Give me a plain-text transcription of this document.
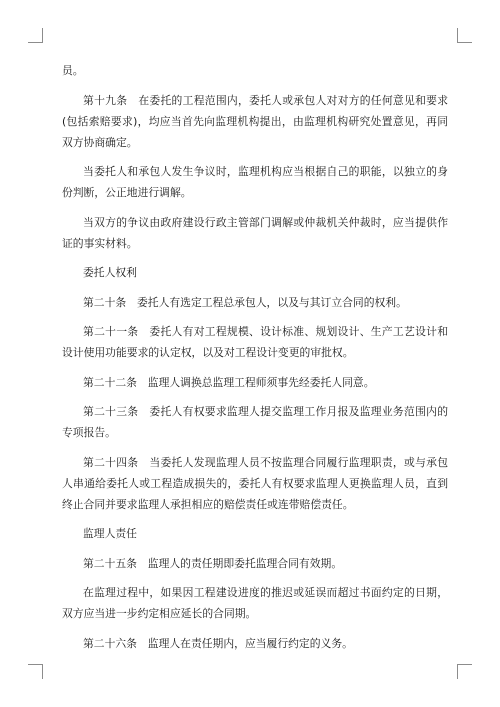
员。

第十九条　在委托的工程范围内，委托人或承包人对对方的任何意见和要求(包括索赔要求)，均应当首先向监理机构提出，由监理机构研究处置意见，再同双方协商确定。

当委托人和承包人发生争议时，监理机构应当根据自己的职能，以独立的身份判断，公正地进行调解。

当双方的争议由政府建设行政主管部门调解或仲裁机关仲裁时，应当提供作证的事实材料。

委托人权利

第二十条　委托人有选定工程总承包人，以及与其订立合同的权利。

第二十一条　委托人有对工程规模、设计标准、规划设计、生产工艺设计和设计使用功能要求的认定权，以及对工程设计变更的审批权。

第二十二条　监理人调换总监理工程师须事先经委托人同意。

第二十三条　委托人有权要求监理人提交监理工作月报及监理业务范围内的专项报告。

第二十四条　当委托人发现监理人员不按监理合同履行监理职责，或与承包人串通给委托人或工程造成损失的，委托人有权要求监理人更换监理人员，直到终止合同并要求监理人承担相应的赔偿责任或连带赔偿责任。

监理人责任

第二十五条　监理人的责任期即委托监理合同有效期。

在监理过程中，如果因工程建设进度的推迟或延误而超过书面约定的日期，双方应当进一步约定相应延长的合同期。

第二十六条　监理人在责任期内，应当履行约定的义务。
